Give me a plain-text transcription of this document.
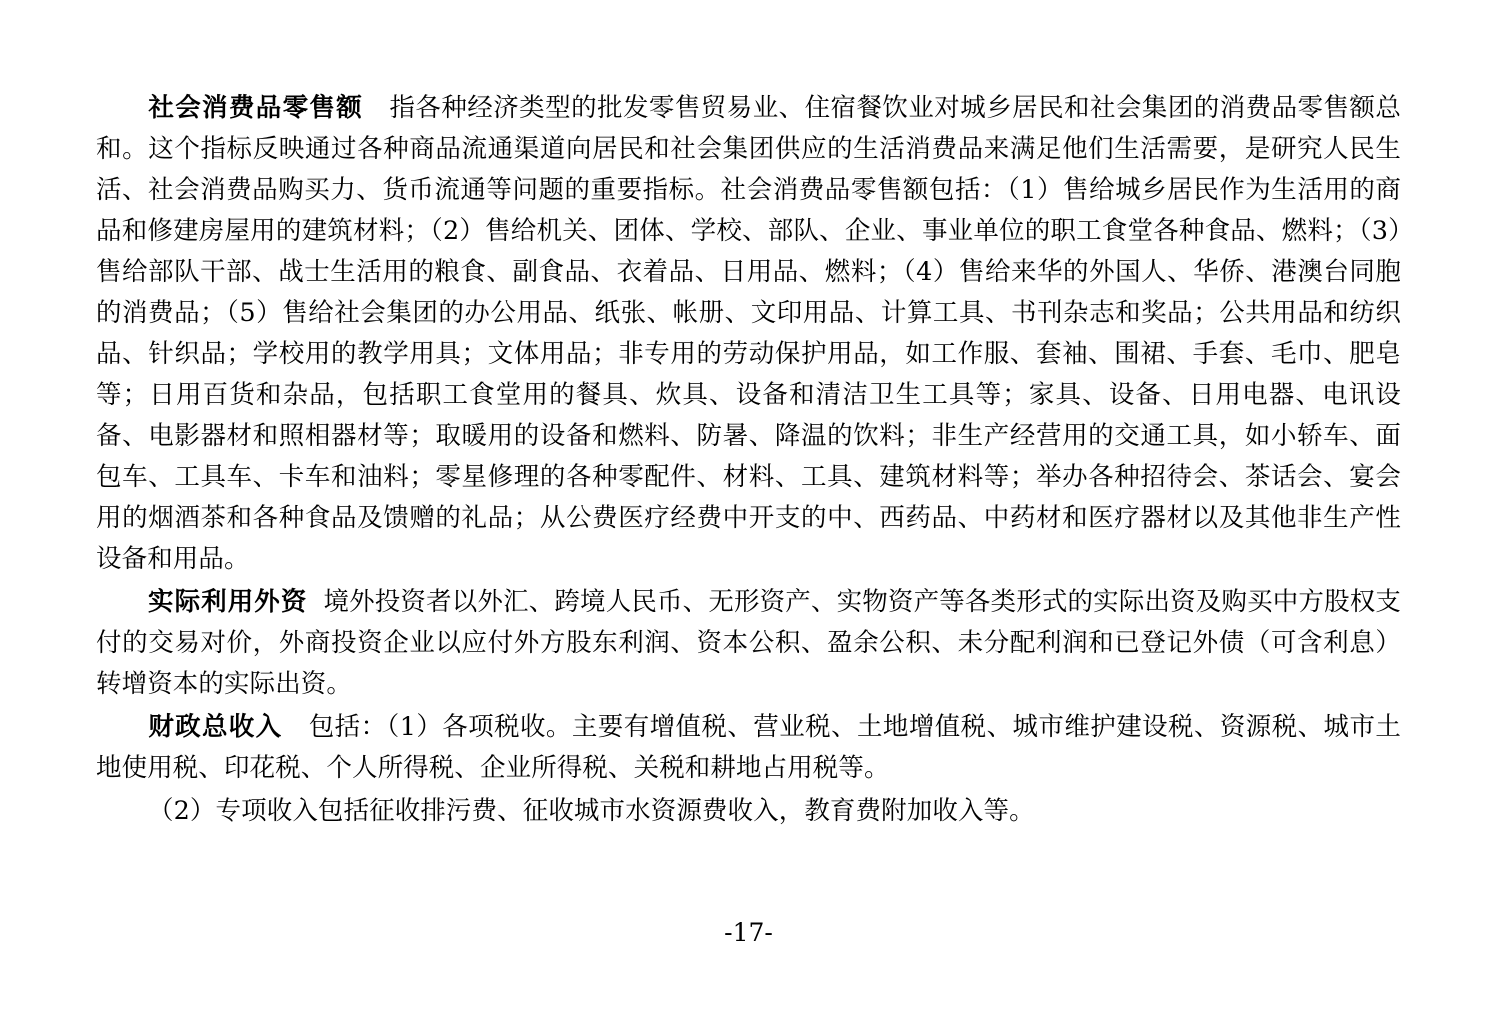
社会消费品零售额 指各种经济类型的批发零售贸易业、住宿餐饮业对城乡居民和社会集团的消费品零售额总和。这个指标反映通过各种商品流通渠道向居民和社会集团供应的生活消费品来满足他们生活需要，是研究人民生活、社会消费品购买力、货币流通等问题的重要指标。社会消费品零售额包括：（1）售给城乡居民作为生活用的商品和修建房屋用的建筑材料；（2）售给机关、团体、学校、部队、企业、事业单位的职工食堂各种食品、燃料；（3）售给部队干部、战士生活用的粮食、副食品、衣着品、日用品、燃料；（4）售给来华的外国人、华侨、港澳台同胞的消费品；（5）售给社会集团的办公用品、纸张、帐册、文印用品、计算工具、书刊杂志和奖品；公共用品和纺织品、针织品；学校用的教学用具；文体用品；非专用的劳动保护用品，如工作服、套袖、围裙、手套、毛巾、肥皂等；日用百货和杂品，包括职工食堂用的餐具、炊具、设备和清洁卫生工具等；家具、设备、日用电器、电讯设备、电影器材和照相器材等；取暖用的设备和燃料、防暑、降温的饮料；非生产经营用的交通工具，如小轿车、面包车、工具车、卡车和油料；零星修理的各种零配件、材料、工具、建筑材料等；举办各种招待会、茶话会、宴会用的烟酒茶和各种食品及馈赠的礼品；从公费医疗经费中开支的中、西药品、中药材和医疗器材以及其他非生产性设备和用品。

实际利用外资 境外投资者以外汇、跨境人民币、无形资产、实物资产等各类形式的实际出资及购买中方股权支付的交易对价，外商投资企业以应付外方股东利润、资本公积、盈余公积、未分配利润和已登记外债（可含利息）转增资本的实际出资。

财政总收入 包括：（1）各项税收。主要有增值税、营业税、土地增值税、城市维护建设税、资源税、城市土地使用税、印花税、个人所得税、企业所得税、关税和耕地占用税等。

（2）专项收入包括征收排污费、征收城市水资源费收入，教育费附加收入等。

-17-
